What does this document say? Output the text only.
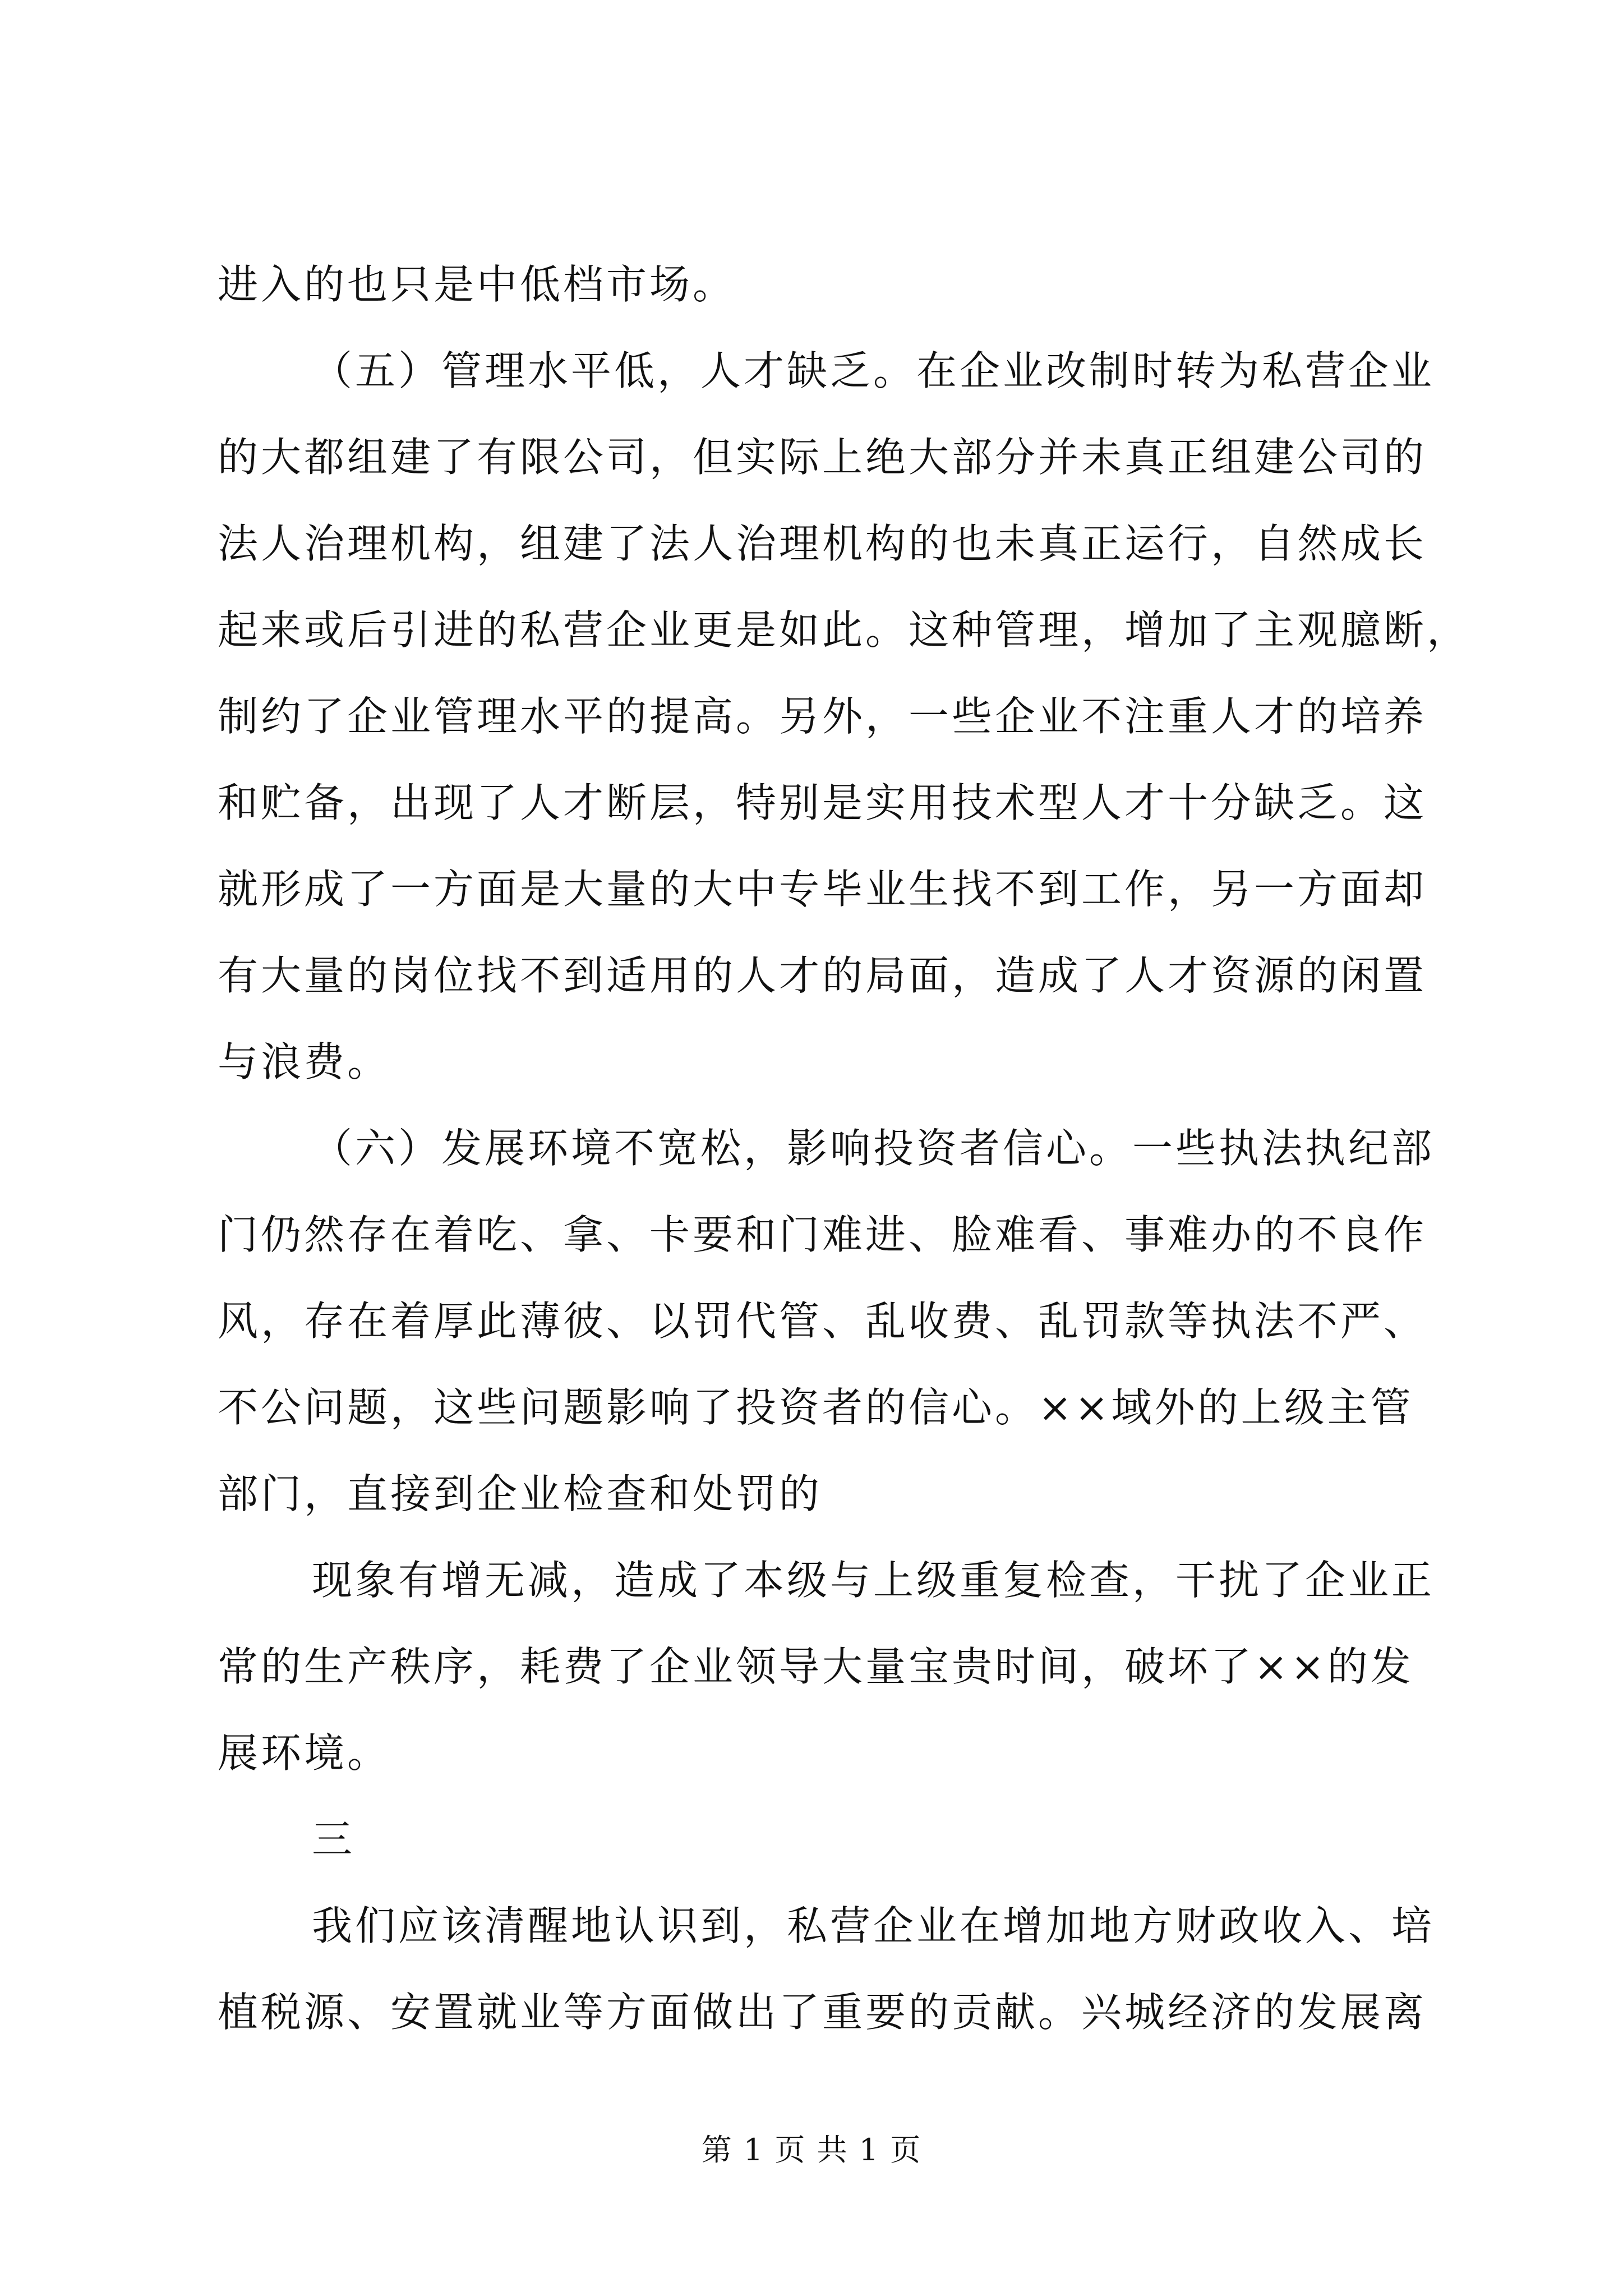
进入的也只是中低档市场。
（五）管理水平低，人才缺乏。在企业改制时转为私营企业
的大都组建了有限公司，但实际上绝大部分并未真正组建公司的
法人治理机构，组建了法人治理机构的也未真正运行，自然成长
起来或后引进的私营企业更是如此。这种管理，增加了主观臆断，
制约了企业管理水平的提高。另外，一些企业不注重人才的培养
和贮备，出现了人才断层，特别是实用技术型人才十分缺乏。这
就形成了一方面是大量的大中专毕业生找不到工作，另一方面却
有大量的岗位找不到适用的人才的局面，造成了人才资源的闲置
与浪费。
（六）发展环境不宽松，影响投资者信心。一些执法执纪部
门仍然存在着吃、拿、卡要和门难进、脸难看、事难办的不良作
风，存在着厚此薄彼、以罚代管、乱收费、乱罚款等执法不严、
不公问题，这些问题影响了投资者的信心。××域外的上级主管
部门，直接到企业检查和处罚的
现象有增无减，造成了本级与上级重复检查，干扰了企业正
常的生产秩序，耗费了企业领导大量宝贵时间，破坏了××的发
展环境。
三
我们应该清醒地认识到，私营企业在增加地方财政收入、培
植税源、安置就业等方面做出了重要的贡献。兴城经济的发展离
第 1 页 共 1 页
